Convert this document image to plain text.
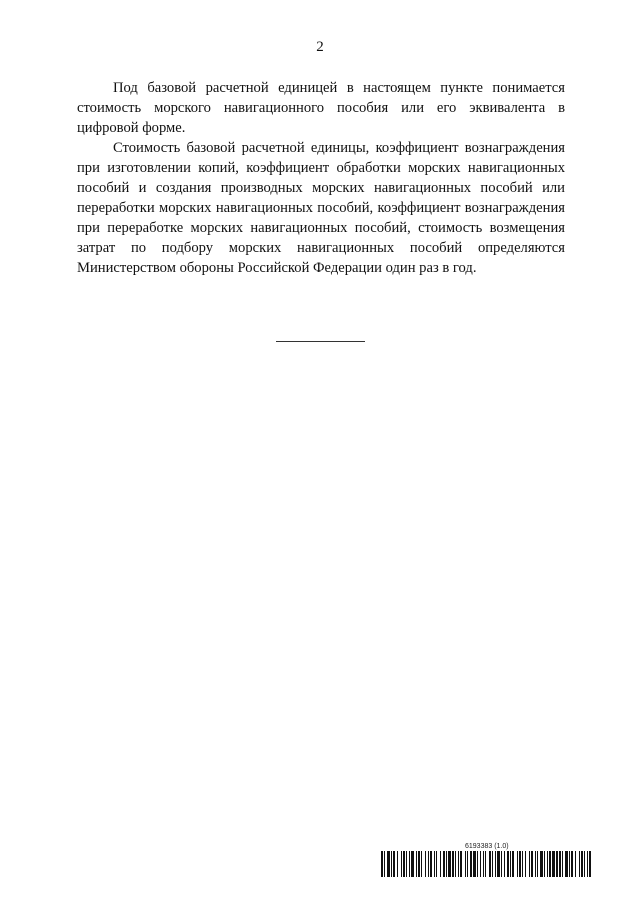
2

Под базовой расчетной единицей в настоящем пункте понимается стоимость морского навигационного пособия или его эквивалента в цифровой форме.

Стоимость базовой расчетной единицы, коэффициент вознаграждения при изготовлении копий, коэффициент обработки морских навигационных пособий и создания производных морских навигационных пособий или переработки морских навигационных пособий, коэффициент вознаграждения при переработке морских навигационных пособий, стоимость возмещения затрат по подбору морских навигационных пособий определяются Министерством обороны Российской Федерации один раз в год.

6193383 (1.0)
